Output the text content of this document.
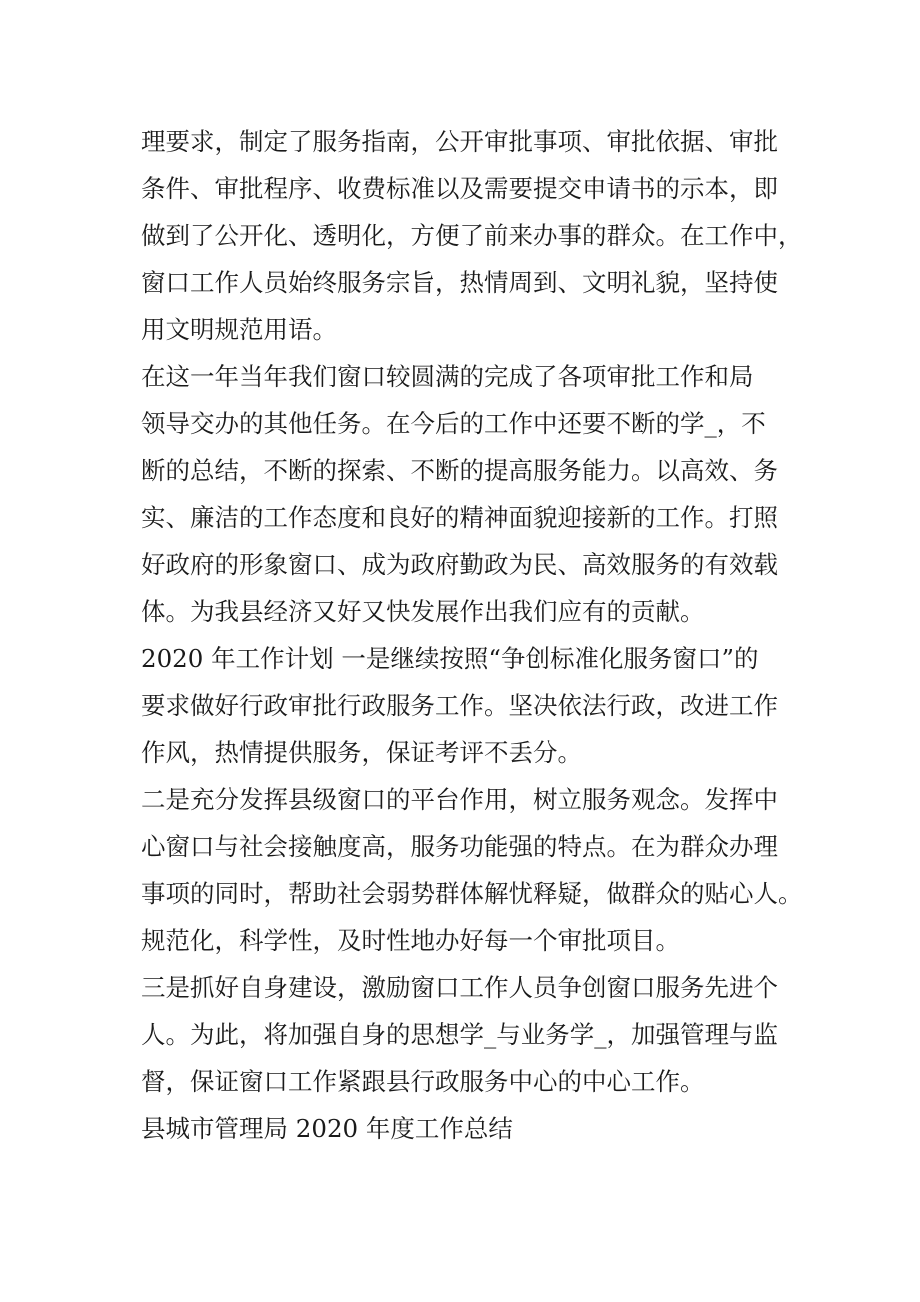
理要求，制定了服务指南，公开审批事项、审批依据、审批
条件、审批程序、收费标准以及需要提交申请书的示本，即
做到了公开化、透明化，方便了前来办事的群众。在工作中，
窗口工作人员始终服务宗旨，热情周到、文明礼貌，坚持使
用文明规范用语。
在这一年当年我们窗口较圆满的完成了各项审批工作和局
领导交办的其他任务。在今后的工作中还要不断的学_，不
断的总结，不断的探索、不断的提高服务能力。以高效、务
实、廉洁的工作态度和良好的精神面貌迎接新的工作。打照
好政府的形象窗口、成为政府勤政为民、高效服务的有效载
体。为我县经济又好又快发展作出我们应有的贡献。
2020 年工作计划 一是继续按照“争创标准化服务窗口”的
要求做好行政审批行政服务工作。坚决依法行政，改进工作
作风，热情提供服务，保证考评不丢分。
二是充分发挥县级窗口的平台作用，树立服务观念。发挥中
心窗口与社会接触度高，服务功能强的特点。在为群众办理
事项的同时，帮助社会弱势群体解忧释疑，做群众的贴心人。
规范化，科学性，及时性地办好每一个审批项目。
三是抓好自身建设，激励窗口工作人员争创窗口服务先进个
人。为此，将加强自身的思想学_与业务学_，加强管理与监
督，保证窗口工作紧跟县行政服务中心的中心工作。
县城市管理局 2020 年度工作总结
